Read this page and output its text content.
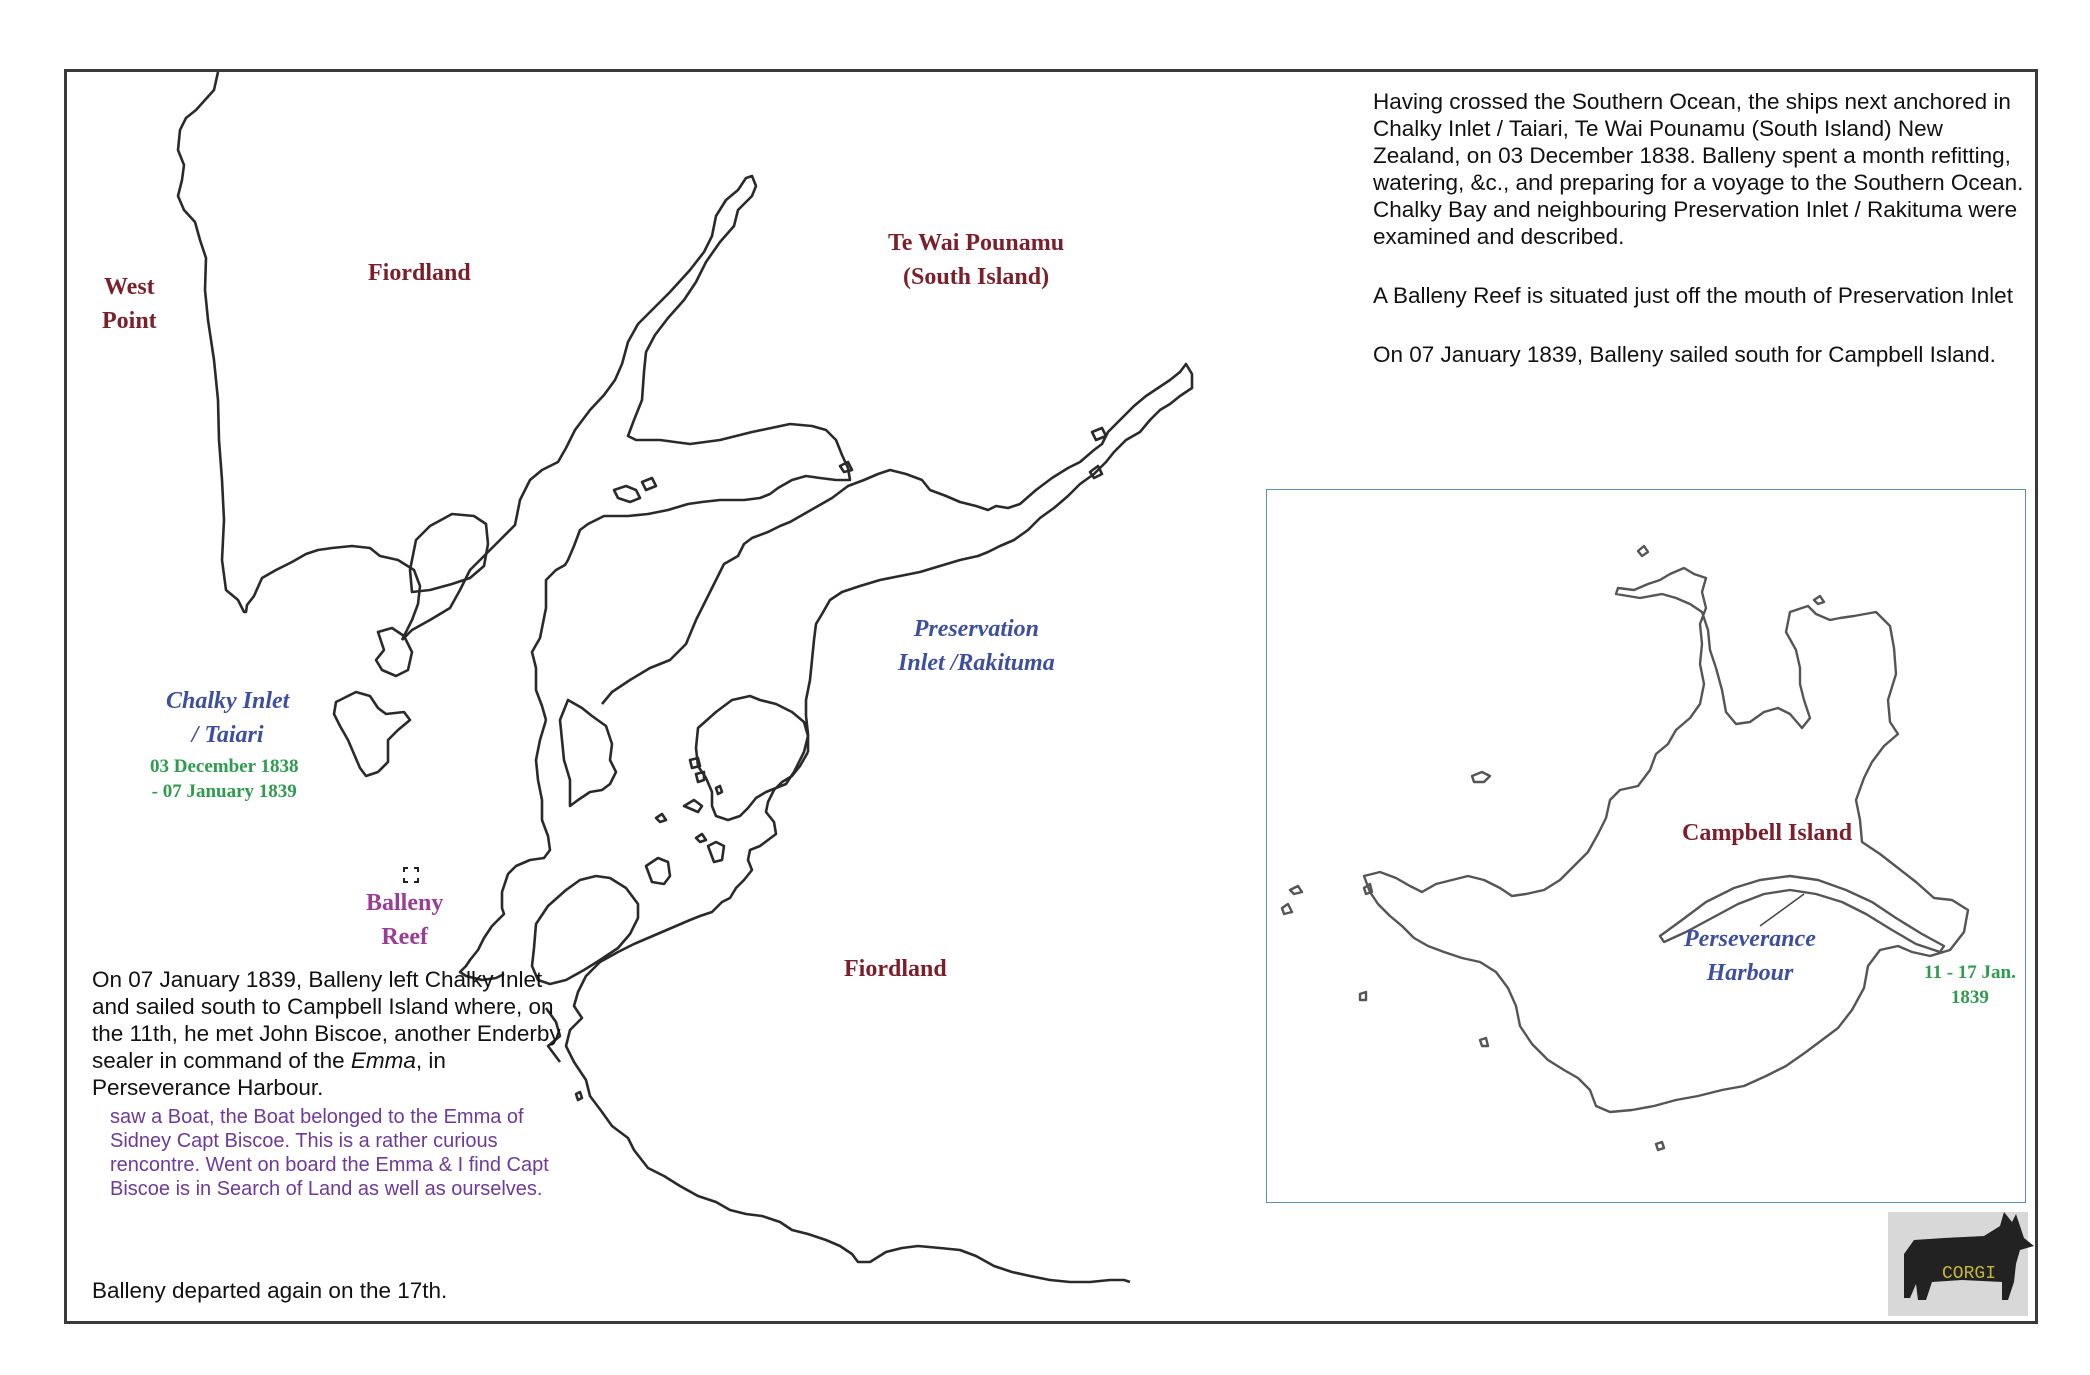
CORGI
West
Point
Fiordland
Te Wai Pounamu
(South Island)
Preservation
Inlet /Rakituma
Chalky Inlet
/ Taiari
03 December 1838
- 07 January 1839
Balleny
Reef
Fiordland
Campbell Island
Perseverance
Harbour	11 - 17 Jan.
1839

Having crossed the Southern Ocean, the ships next anchored in Chalky Inlet / Taiari, Te Wai Pounamu (South Island) New Zealand, on 03 December 1838. Balleny spent a month refitting, watering, &c., and preparing for a voyage to the Southern Ocean. Chalky Bay and neighbouring Preservation Inlet / Rakituma were examined and described.

A Balleny Reef is situated just off the mouth of Preservation Inlet

On 07 January 1839, Balleny sailed south for Campbell Island.

On 07 January 1839, Balleny left Chalky Inlet and sailed south to Campbell Island where, on the 11th, he met John Biscoe, another Enderby sealer in command of the Emma, in Perseverance Harbour.

saw a Boat, the Boat belonged to the Emma of Sidney Capt Biscoe. This is a rather curious rencontre. Went on board the Emma & I find Capt Biscoe is in Search of Land as well as ourselves.

Balleny departed again on the 17th.
